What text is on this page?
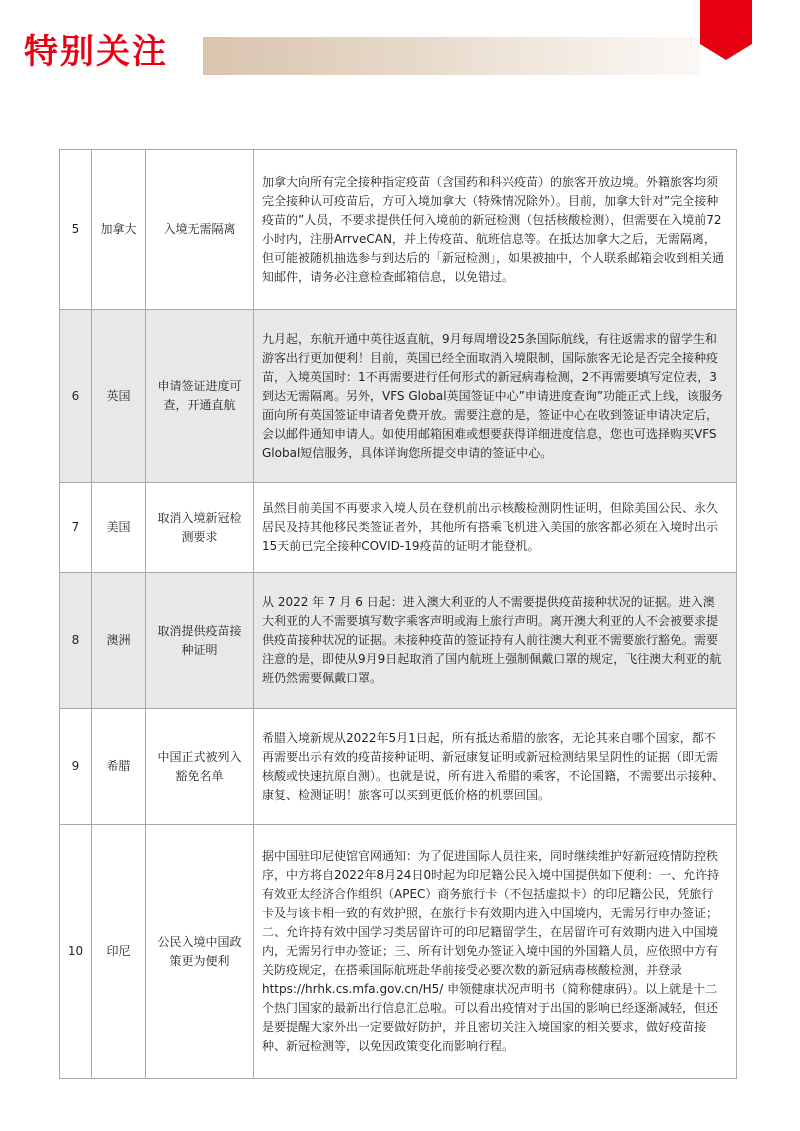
特别关注
5	加拿大	入境无需隔离	加拿大向所有完全接种指定疫苗（含国药和科兴疫苗）的旅客开放边境。外籍旅客均须完全接种认可疫苗后，方可入境加拿大（特殊情况除外）。目前，加拿大针对”完全接种疫苗的”人员，不要求提供任何入境前的新冠检测（包括核酸检测），但需要在入境前72小时内，注册ArrveCAN，并上传疫苗、航班信息等。在抵达加拿大之后，无需隔离，但可能被随机抽选参与到达后的「新冠检测」，如果被抽中，个人联系邮箱会收到相关通知邮件，请务必注意检查邮箱信息，以免错过。
6	英国	申请签证进度可查，开通直航	九月起，东航开通中英往返直航，9月每周增设25条国际航线，有往返需求的留学生和游客出行更加便利！目前，英国已经全面取消入境限制，国际旅客无论是否完全接种疫苗，入境英国时：1不再需要进行任何形式的新冠病毒检测，2不再需要填写定位表，3到达无需隔离。另外，VFS Global英国签证中心”申请进度查询”功能正式上线，该服务面向所有英国签证申请者免费开放。需要注意的是，签证中心在收到签证申请决定后，会以邮件通知申请人。如使用邮箱困难或想要获得详细进度信息，您也可选择购买VFS Global短信服务，具体详询您所提交申请的签证中心。
7	美国	取消入境新冠检测要求	虽然目前美国不再要求入境人员在登机前出示核酸检测阴性证明，但除美国公民、永久居民及持其他移民类签证者外，其他所有搭乘飞机进入美国的旅客都必须在入境时出示15天前已完全接种COVID-19疫苗的证明才能登机。
8	澳洲	取消提供疫苗接种证明	从 2022 年 7 月 6 日起：进入澳大利亚的人不需要提供疫苗接种状况的证据。进入澳大利亚的人不需要填写数字乘客声明或海上旅行声明。离开澳大利亚的人不会被要求提供疫苗接种状况的证据。未接种疫苗的签证持有人前往澳大利亚不需要旅行豁免。需要注意的是，即使从9月9日起取消了国内航班上强制佩戴口罩的规定，飞往澳大利亚的航班仍然需要佩戴口罩。
9	希腊	中国正式被列入豁免名单	希腊入境新规从2022年5月1日起，所有抵达希腊的旅客，无论其来自哪个国家，都不再需要出示有效的疫苗接种证明、新冠康复证明或新冠检测结果呈阴性的证据（即无需核酸或快速抗原自测）。也就是说，所有进入希腊的乘客，不论国籍，不需要出示接种、康复、检测证明！旅客可以买到更低价格的机票回国。
10	印尼	公民入境中国政策更为便利	据中国驻印尼使馆官网通知：为了促进国际人员往来，同时继续维护好新冠疫情防控秩序，中方将自2022年8月24日0时起为印尼籍公民入境中国提供如下便利：一、允许持有效亚太经济合作组织（APEC）商务旅行卡（不包括虚拟卡）的印尼籍公民，凭旅行卡及与该卡相一致的有效护照，在旅行卡有效期内进入中国境内，无需另行申办签证；二、允许持有效中国学习类居留许可的印尼籍留学生，在居留许可有效期内进入中国境内，无需另行申办签证；三、所有计划免办签证入境中国的外国籍人员，应依照中方有关防疫规定，在搭乘国际航班赴华前接受必要次数的新冠病毒核酸检测，并登录https://hrhk.cs.mfa.gov.cn/H5/ 申领健康状况声明书（简称健康码）。以上就是十二个热门国家的最新出行信息汇总啦。可以看出疫情对于出国的影响已经逐渐减轻，但还是要提醒大家外出一定要做好防护，并且密切关注入境国家的相关要求，做好疫苗接种、新冠检测等，以免因政策变化而影响行程。
